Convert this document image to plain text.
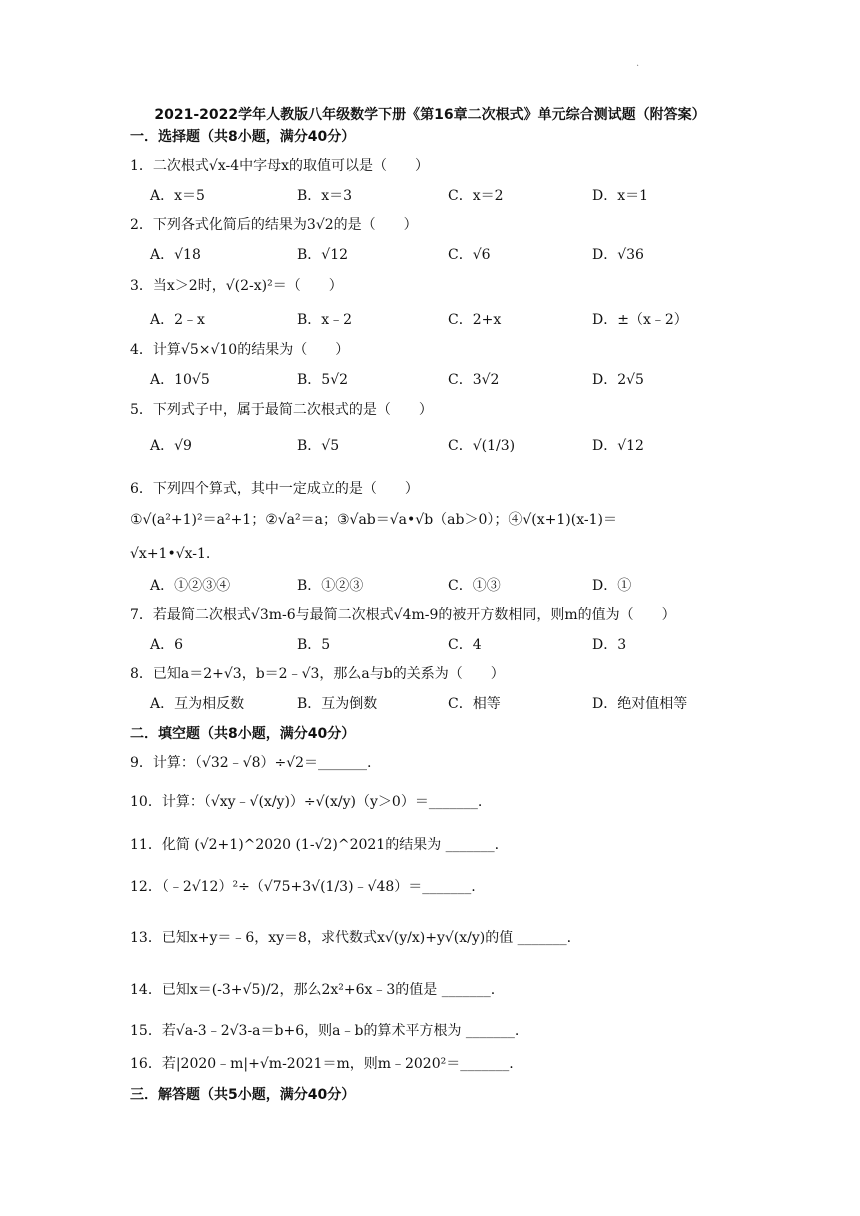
.
2021-2022学年人教版八年级数学下册《第16章二次根式》单元综合测试题（附答案）
一．选择题（共8小题，满分40分）
1．二次根式√x-4中字母x的取值可以是（　　）
A．x＝5	B．x＝3	C．x＝2	D．x＝1
2．下列各式化简后的结果为3√2的是（　　）
A．√18	B．√12	C．√6	D．√36
3．当x＞2时，√(2-x)²＝（　　）
A．2﹣x	B．x﹣2	C．2+x	D．±（x﹣2）
4．计算√5×√10的结果为（　　）
A．10√5	B．5√2	C．3√2	D．2√5
5．下列式子中，属于最简二次根式的是（　　）
A．√9	B．√5	C．√(1/3)	D．√12
6．下列四个算式，其中一定成立的是（　　）
①√(a²+1)²＝a²+1；②√a²＝a；③√ab＝√a•√b（ab＞0）；④√(x+1)(x-1)＝
√x+1•√x-1.
A．①②③④	B．①②③	C．①③	D．①
7．若最简二次根式√3m-6与最简二次根式√4m-9的被开方数相同，则m的值为（　　）
A．6	B．5	C．4	D．3
8．已知a＝2+√3，b＝2﹣√3，那么a与b的关系为（　　）
A．互为相反数	B．互为倒数	C．相等	D．绝对值相等
二．填空题（共8小题，满分40分）
9．计算：（√32﹣√8）÷√2＝_______.
10．计算：（√xy﹣√(x/y)）÷√(x/y)（y＞0）＝_______.
11．化简 (√2+1)^2020 (1-√2)^2021的结果为 _______.
12．（﹣2√12）²÷（√75+3√(1/3)﹣√48）＝_______.
13．已知x+y＝﹣6，xy＝8，求代数式x√(y/x)+y√(x/y)的值 _______.
14．已知x＝(-3+√5)/2，那么2x²+6x﹣3的值是 _______.
15．若√a-3﹣2√3-a＝b+6，则a﹣b的算术平方根为 _______.
16．若|2020﹣m|+√m-2021＝m，则m﹣2020²＝_______.
三．解答题（共5小题，满分40分）
